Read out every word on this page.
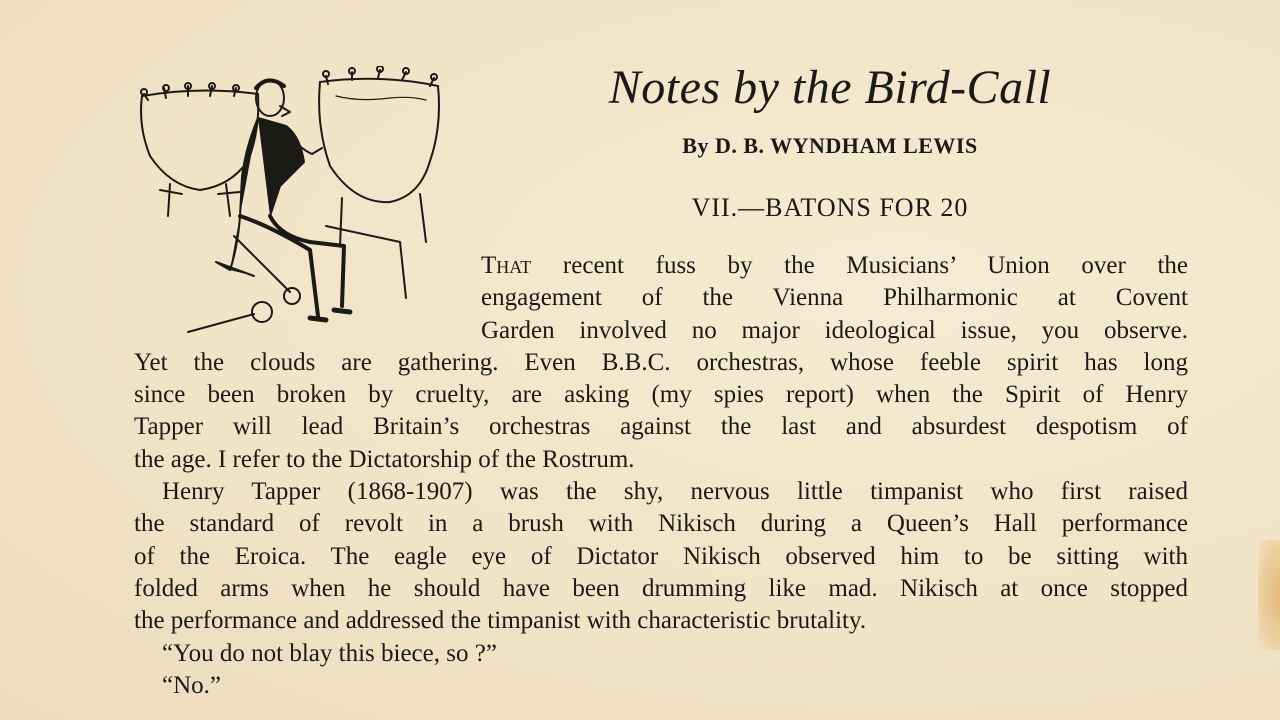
Notes by the Bird-Call
By D. B. WYNDHAM LEWIS
VII.—BATONS FOR 20
That recent fuss by the Musicians’ Union over the
engagement of the Vienna Philharmonic at Covent
Garden involved no major ideological issue, you observe.
Yet the clouds are gathering. Even B.B.C. orchestras, whose feeble spirit has long
since been broken by cruelty, are asking (my spies report) when the Spirit of Henry
Tapper will lead Britain’s orchestras against the last and absurdest despotism of
the age. I refer to the Dictatorship of the Rostrum.
Henry Tapper (1868-1907) was the shy, nervous little timpanist who first raised
the standard of revolt in a brush with Nikisch during a Queen’s Hall performance
of the Eroica. The eagle eye of Dictator Nikisch observed him to be sitting with
folded arms when he should have been drumming like mad. Nikisch at once stopped
the performance and addressed the timpanist with characteristic brutality.
“You do not blay this biece, so ?”
“No.”
